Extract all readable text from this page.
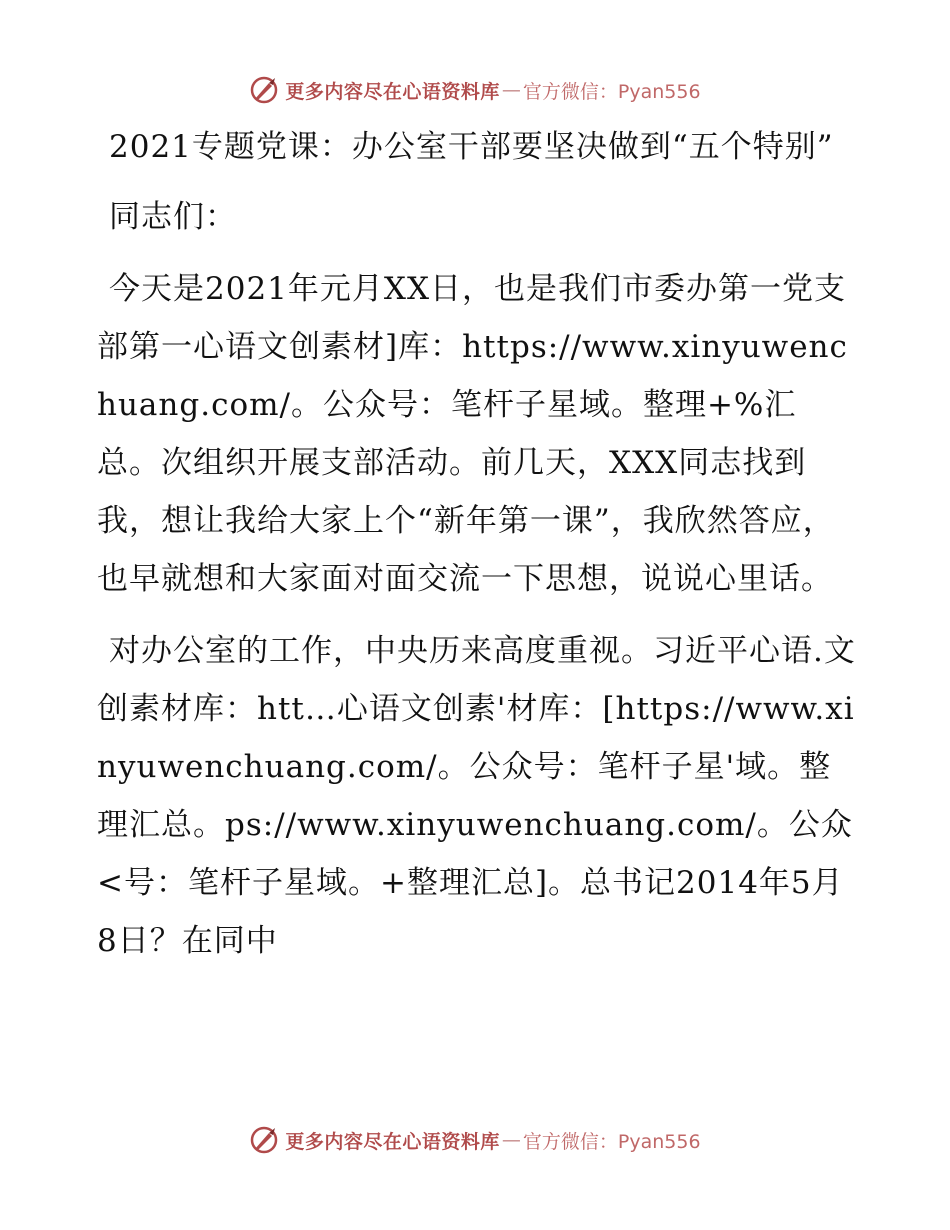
更多内容尽在心语资料库 — 官方微信：Pyan556
2021专题党课：办公室干部要坚决做到“五个特别”
同志们：
今天是2021年元月XX日，也是我们市委办第一党支部第一心语文创素材]库：https://www.xinyuwenchuang.com/。公众号：笔杆子星域。整理+%汇总。次组织开展支部活动。前几天，XXX同志找到我，想让我给大家上个“新年第一课”，我欣然答应，也早就想和大家面对面交流一下思想，说说心里话。
对办公室的工作，中央历来高度重视。习近平心语.文创素材库：htt…心语文创素'材库：[https://www.xinyuwenchuang.com/。公众号：笔杆子星'域。整理汇总。ps://www.xinyuwenchuang.com/。公众<号：笔杆子星域。+整理汇总]。总书记2014年5月8日？在同中
更多内容尽在心语资料库 — 官方微信：Pyan556
